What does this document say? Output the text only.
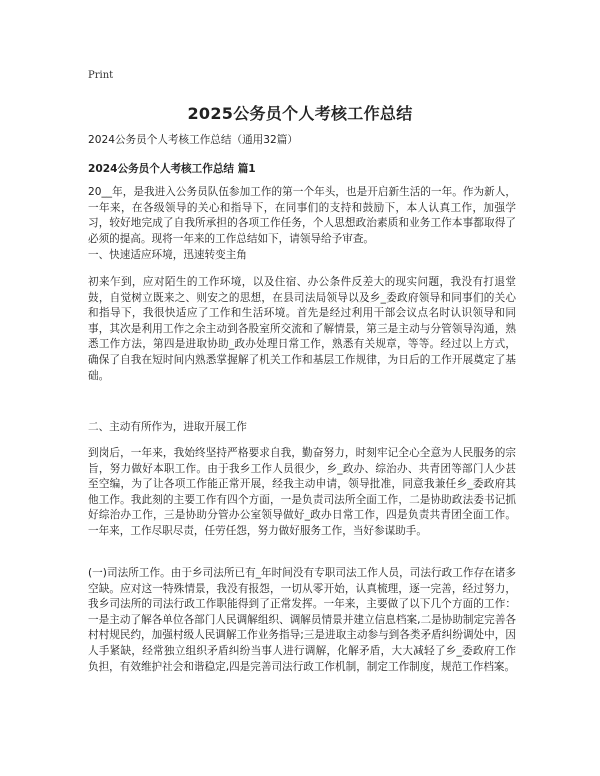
Print
2025公务员个人考核工作总结

2024公务员个人考核工作总结（通用32篇）

2024公务员个人考核工作总结 篇1

20__年，是我进入公务员队伍参加工作的第一个年头，也是开启新生活的一年。作为新人，一年来，在各级领导的关心和指导下，在同事们的支持和鼓励下，本人认真工作，加强学习，较好地完成了自我所承担的各项工作任务，个人思想政治素质和业务工作本事都取得了必须的提高。现将一年来的工作总结如下，请领导给予审查。

一、快速适应环境，迅速转变主角

初来乍到，应对陌生的工作环境，以及住宿、办公条件反差大的现实问题，我没有打退堂鼓，自觉树立既来之、则安之的思想，在县司法局领导以及乡_委政府领导和同事们的关心和指导下，我很快适应了工作和生活环境。首先是经过利用干部会议点名时认识领导和同事，其次是利用工作之余主动到各股室所交流和了解情景，第三是主动与分管领导沟通，熟悉工作方法，第四是进取协助_政办处理日常工作，熟悉有关规章，等等。经过以上方式，确保了自我在短时间内熟悉掌握解了机关工作和基层工作规律，为日后的工作开展奠定了基础。

二、主动有所作为，进取开展工作

到岗后，一年来，我始终坚持严格要求自我，勤奋努力，时刻牢记全心全意为人民服务的宗旨，努力做好本职工作。由于我乡工作人员很少，乡_政办、综治办、共青团等部门人少甚至空编，为了让各项工作能正常开展，经我主动申请，领导批准，同意我兼任乡_委政府其他工作。我此刻的主要工作有四个方面，一是负责司法所全面工作，二是协助政法委书记抓好综治办工作，三是协助分管办公室领导做好_政办日常工作，四是负责共青团全面工作。一年来，工作尽职尽责，任劳任怨，努力做好服务工作，当好参谋助手。

(一)司法所工作。由于乡司法所已有_年时间没有专职司法工作人员，司法行政工作存在诸多空缺。应对这一特殊情景，我没有报怨，一切从零开始，认真梳理，逐一完善，经过努力，我乡司法所的司法行政工作职能得到了正常发挥。一年来，主要做了以下几个方面的工作：一是主动了解各单位各部门人民调解组织、调解员情景并建立信息档案,二是协助制定完善各村村规民约，加强村级人民调解工作业务指导;三是进取主动参与到各类矛盾纠纷调处中，因人手紧缺，经常独立组织矛盾纠纷当事人进行调解，化解矛盾，大大减轻了乡_委政府工作负担，有效维护社会和谐稳定,四是完善司法行政工作机制，制定工作制度，规范工作档案。
